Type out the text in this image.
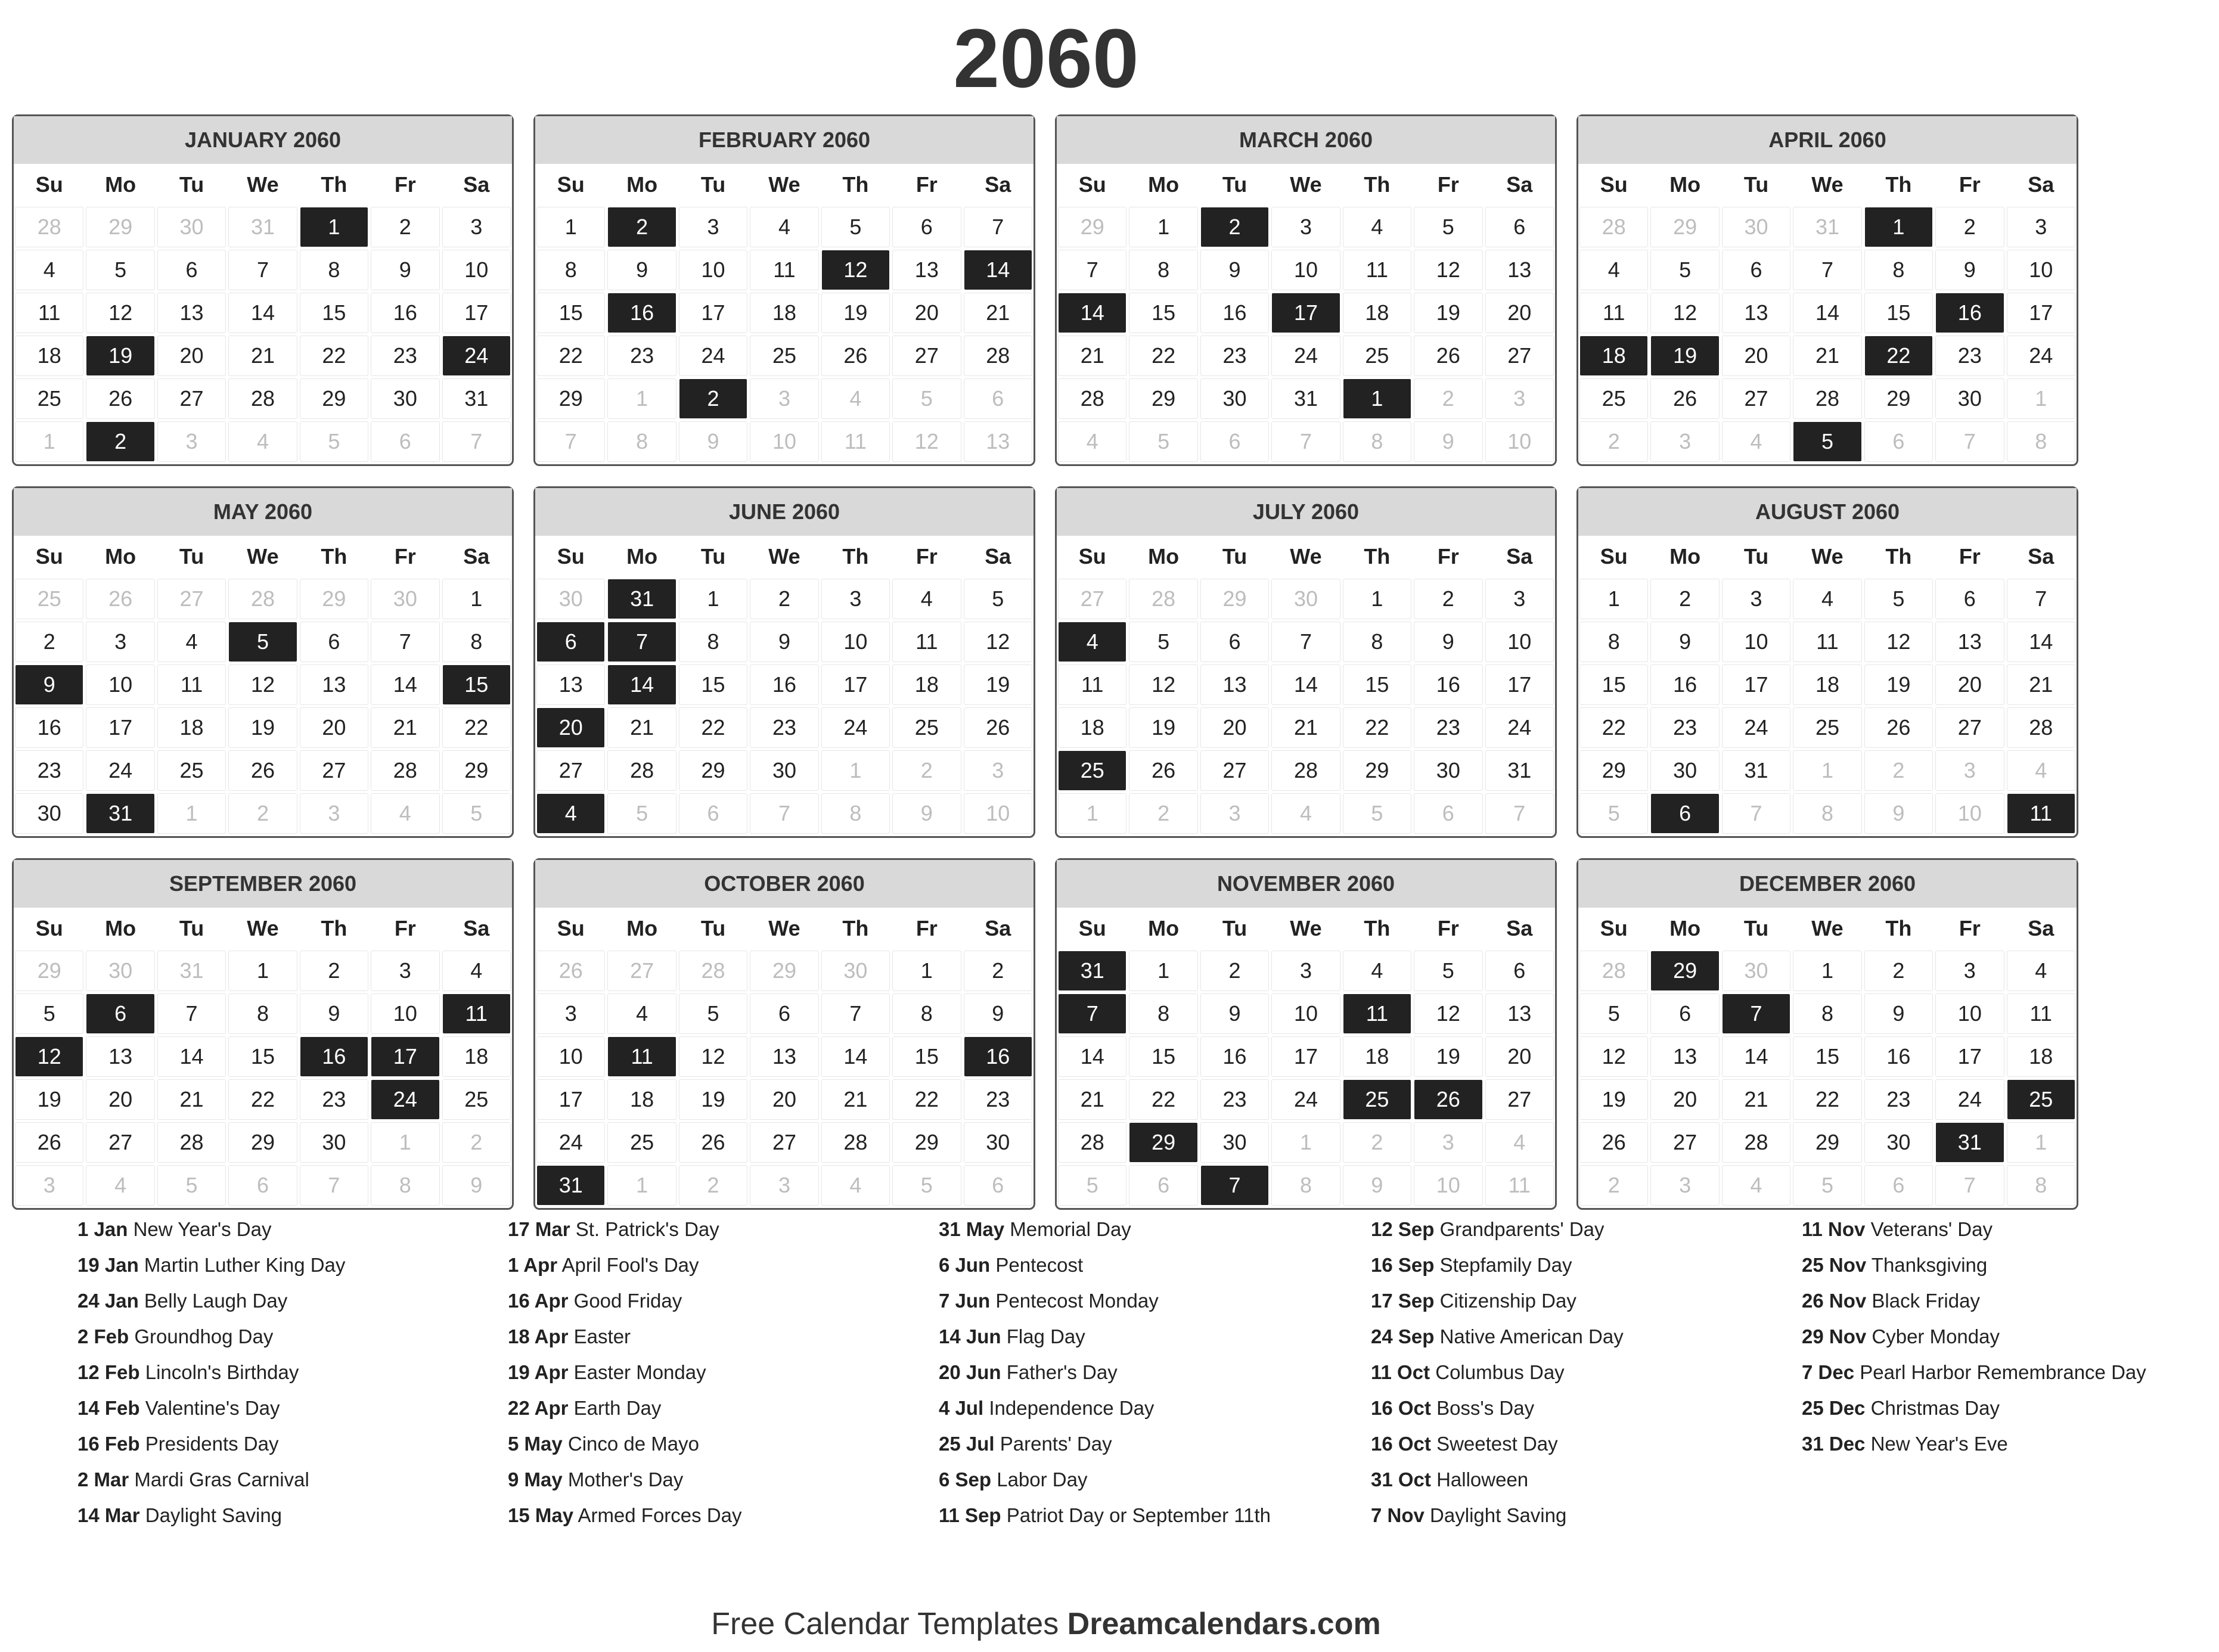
2060
JANUARY 2060
Su	Mo	Tu	We	Th	Fr	Sa
28	29	30	31	1	2	3
4	5	6	7	8	9	10
11	12	13	14	15	16	17
18	19	20	21	22	23	24
25	26	27	28	29	30	31
1	2	3	4	5	6	7
FEBRUARY 2060
Su	Mo	Tu	We	Th	Fr	Sa
1	2	3	4	5	6	7
8	9	10	11	12	13	14
15	16	17	18	19	20	21
22	23	24	25	26	27	28
29	1	2	3	4	5	6
7	8	9	10	11	12	13
MARCH 2060
Su	Mo	Tu	We	Th	Fr	Sa
29	1	2	3	4	5	6
7	8	9	10	11	12	13
14	15	16	17	18	19	20
21	22	23	24	25	26	27
28	29	30	31	1	2	3
4	5	6	7	8	9	10
APRIL 2060
Su	Mo	Tu	We	Th	Fr	Sa
28	29	30	31	1	2	3
4	5	6	7	8	9	10
11	12	13	14	15	16	17
18	19	20	21	22	23	24
25	26	27	28	29	30	1
2	3	4	5	6	7	8
MAY 2060
Su	Mo	Tu	We	Th	Fr	Sa
25	26	27	28	29	30	1
2	3	4	5	6	7	8
9	10	11	12	13	14	15
16	17	18	19	20	21	22
23	24	25	26	27	28	29
30	31	1	2	3	4	5
JUNE 2060
Su	Mo	Tu	We	Th	Fr	Sa
30	31	1	2	3	4	5
6	7	8	9	10	11	12
13	14	15	16	17	18	19
20	21	22	23	24	25	26
27	28	29	30	1	2	3
4	5	6	7	8	9	10
JULY 2060
Su	Mo	Tu	We	Th	Fr	Sa
27	28	29	30	1	2	3
4	5	6	7	8	9	10
11	12	13	14	15	16	17
18	19	20	21	22	23	24
25	26	27	28	29	30	31
1	2	3	4	5	6	7
AUGUST 2060
Su	Mo	Tu	We	Th	Fr	Sa
1	2	3	4	5	6	7
8	9	10	11	12	13	14
15	16	17	18	19	20	21
22	23	24	25	26	27	28
29	30	31	1	2	3	4
5	6	7	8	9	10	11
SEPTEMBER 2060
Su	Mo	Tu	We	Th	Fr	Sa
29	30	31	1	2	3	4
5	6	7	8	9	10	11
12	13	14	15	16	17	18
19	20	21	22	23	24	25
26	27	28	29	30	1	2
3	4	5	6	7	8	9
OCTOBER 2060
Su	Mo	Tu	We	Th	Fr	Sa
26	27	28	29	30	1	2
3	4	5	6	7	8	9
10	11	12	13	14	15	16
17	18	19	20	21	22	23
24	25	26	27	28	29	30
31	1	2	3	4	5	6
NOVEMBER 2060
Su	Mo	Tu	We	Th	Fr	Sa
31	1	2	3	4	5	6
7	8	9	10	11	12	13
14	15	16	17	18	19	20
21	22	23	24	25	26	27
28	29	30	1	2	3	4
5	6	7	8	9	10	11
DECEMBER 2060
Su	Mo	Tu	We	Th	Fr	Sa
28	29	30	1	2	3	4
5	6	7	8	9	10	11
12	13	14	15	16	17	18
19	20	21	22	23	24	25
26	27	28	29	30	31	1
2	3	4	5	6	7	8
1 Jan New Year's Day
19 Jan Martin Luther King Day
24 Jan Belly Laugh Day
2 Feb Groundhog Day
12 Feb Lincoln's Birthday
14 Feb Valentine's Day
16 Feb Presidents Day
2 Mar Mardi Gras Carnival
14 Mar Daylight Saving
17 Mar St. Patrick's Day
1 Apr April Fool's Day
16 Apr Good Friday
18 Apr Easter
19 Apr Easter Monday
22 Apr Earth Day
5 May Cinco de Mayo
9 May Mother's Day
15 May Armed Forces Day
31 May Memorial Day
6 Jun Pentecost
7 Jun Pentecost Monday
14 Jun Flag Day
20 Jun Father's Day
4 Jul Independence Day
25 Jul Parents' Day
6 Sep Labor Day
11 Sep Patriot Day or September 11th
12 Sep Grandparents' Day
16 Sep Stepfamily Day
17 Sep Citizenship Day
24 Sep Native American Day
11 Oct Columbus Day
16 Oct Boss's Day
16 Oct Sweetest Day
31 Oct Halloween
7 Nov Daylight Saving
11 Nov Veterans' Day
25 Nov Thanksgiving
26 Nov Black Friday
29 Nov Cyber Monday
7 Dec Pearl Harbor Remembrance Day
25 Dec Christmas Day
31 Dec New Year's Eve
Free Calendar Templates Dreamcalendars.com
